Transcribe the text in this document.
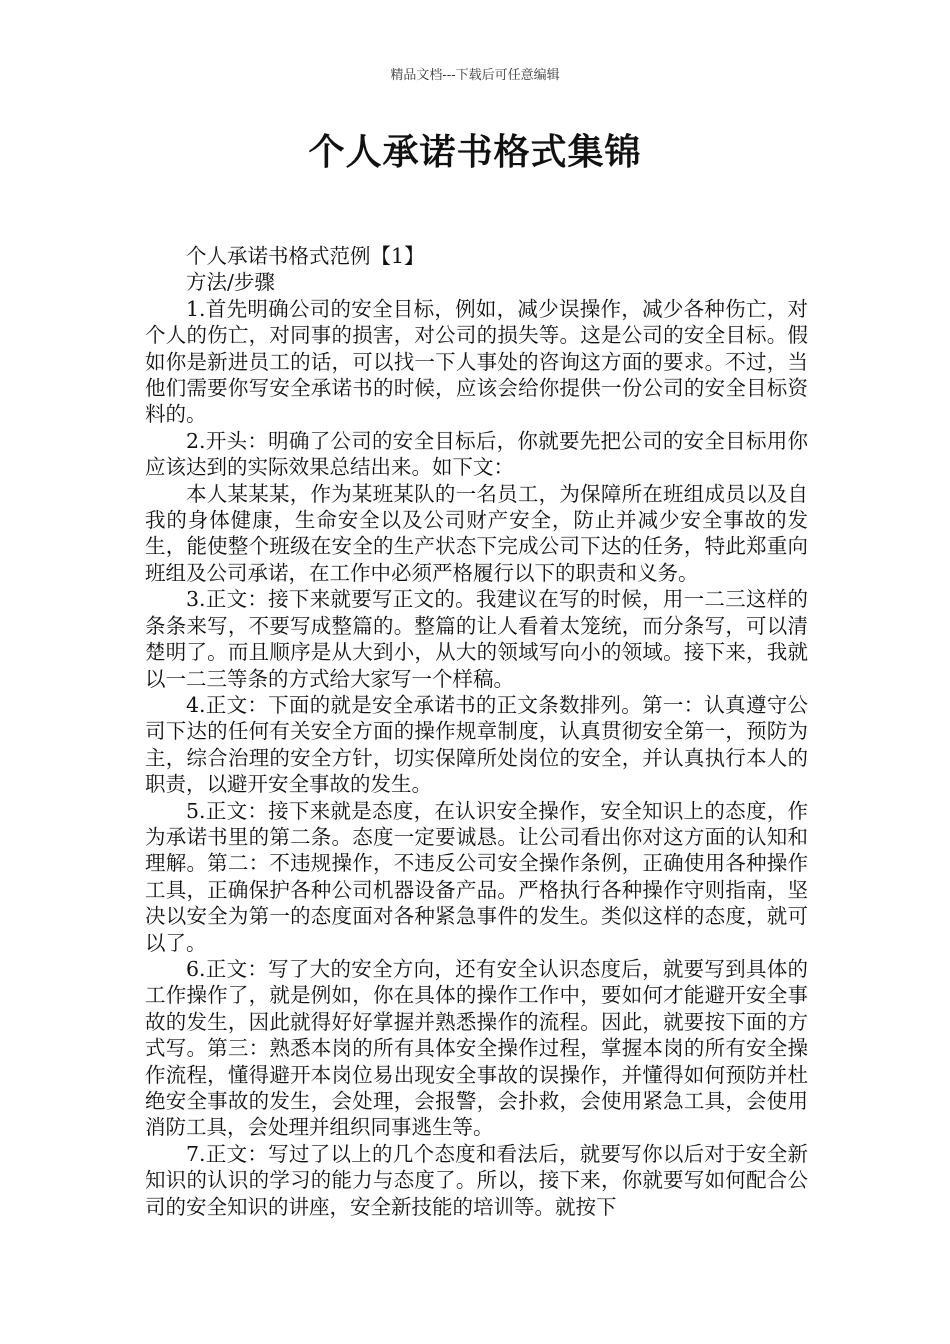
精品文档---下载后可任意编辑
个人承诺书格式集锦

个人承诺书格式范例【1】

方法/步骤

1.首先明确公司的安全目标，例如，减少误操作，减少各种伤亡，对个人的伤亡，对同事的损害，对公司的损失等。这是公司的安全目标。假如你是新进员工的话，可以找一下人事处的咨询这方面的要求。不过，当他们需要你写安全承诺书的时候，应该会给你提供一份公司的安全目标资料的。

2.开头：明确了公司的安全目标后，你就要先把公司的安全目标用你应该达到的实际效果总结出来。如下文：

本人某某某，作为某班某队的一名员工，为保障所在班组成员以及自我的身体健康，生命安全以及公司财产安全，防止并减少安全事故的发生，能使整个班级在安全的生产状态下完成公司下达的任务，特此郑重向班组及公司承诺，在工作中必须严格履行以下的职责和义务。

3.正文：接下来就要写正文的。我建议在写的时候，用一二三这样的条条来写，不要写成整篇的。整篇的让人看着太笼统，而分条写，可以清楚明了。而且顺序是从大到小，从大的领域写向小的领域。接下来，我就以一二三等条的方式给大家写一个样稿。

4.正文：下面的就是安全承诺书的正文条数排列。第一：认真遵守公司下达的任何有关安全方面的操作规章制度，认真贯彻安全第一，预防为主，综合治理的安全方针，切实保障所处岗位的安全，并认真执行本人的职责，以避开安全事故的发生。

5.正文：接下来就是态度，在认识安全操作，安全知识上的态度，作为承诺书里的第二条。态度一定要诚恳。让公司看出你对这方面的认知和理解。第二：不违规操作，不违反公司安全操作条例，正确使用各种操作工具，正确保护各种公司机器设备产品。严格执行各种操作守则指南，坚决以安全为第一的态度面对各种紧急事件的发生。类似这样的态度，就可以了。

6.正文：写了大的安全方向，还有安全认识态度后，就要写到具体的工作操作了，就是例如，你在具体的操作工作中，要如何才能避开安全事故的发生，因此就得好好掌握并熟悉操作的流程。因此，就要按下面的方式写。第三：熟悉本岗的所有具体安全操作过程，掌握本岗的所有安全操作流程，懂得避开本岗位易出现安全事故的误操作，并懂得如何预防并杜绝安全事故的发生，会处理，会报警，会扑救，会使用紧急工具，会使用消防工具，会处理并组织同事逃生等。

7.正文：写过了以上的几个态度和看法后，就要写你以后对于安全新知识的认识的学习的能力与态度了。所以，接下来，你就要写如何配合公司的安全知识的讲座，安全新技能的培训等。就按下
